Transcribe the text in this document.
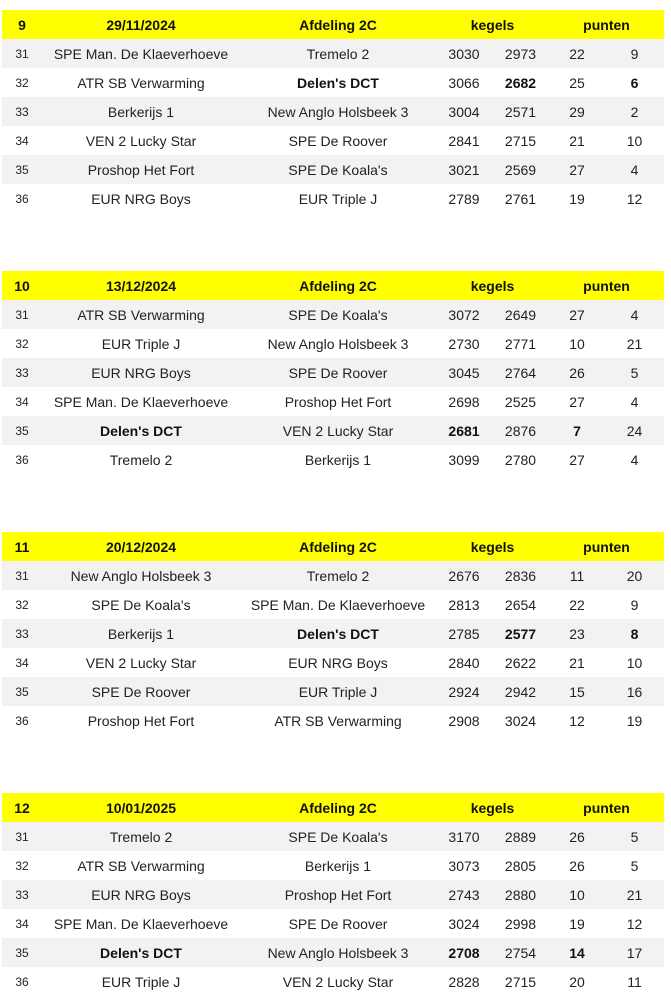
9	29/11/2024	Afdeling 2C	kegels		punten	
31	SPE Man. De Klaeverhoeve	Tremelo 2	3030	2973	22	9
32	ATR SB Verwarming	Delen's DCT	3066	2682	25	6
33	Berkerijs 1	New Anglo Holsbeek 3	3004	2571	29	2
34	VEN 2 Lucky Star	SPE De Roover	2841	2715	21	10
35	Proshop Het Fort	SPE De Koala's	3021	2569	27	4
36	EUR NRG Boys	EUR Triple J	2789	2761	19	12
10	13/12/2024	Afdeling 2C	kegels		punten	
31	ATR SB Verwarming	SPE De Koala's	3072	2649	27	4
32	EUR Triple J	New Anglo Holsbeek 3	2730	2771	10	21
33	EUR NRG Boys	SPE De Roover	3045	2764	26	5
34	SPE Man. De Klaeverhoeve	Proshop Het Fort	2698	2525	27	4
35	Delen's DCT	VEN 2 Lucky Star	2681	2876	7	24
36	Tremelo 2	Berkerijs 1	3099	2780	27	4
11	20/12/2024	Afdeling 2C	kegels		punten	
31	New Anglo Holsbeek 3	Tremelo 2	2676	2836	11	20
32	SPE De Koala's	SPE Man. De Klaeverhoeve	2813	2654	22	9
33	Berkerijs 1	Delen's DCT	2785	2577	23	8
34	VEN 2 Lucky Star	EUR NRG Boys	2840	2622	21	10
35	SPE De Roover	EUR Triple J	2924	2942	15	16
36	Proshop Het Fort	ATR SB Verwarming	2908	3024	12	19
12	10/01/2025	Afdeling 2C	kegels		punten	
31	Tremelo 2	SPE De Koala's	3170	2889	26	5
32	ATR SB Verwarming	Berkerijs 1	3073	2805	26	5
33	EUR NRG Boys	Proshop Het Fort	2743	2880	10	21
34	SPE Man. De Klaeverhoeve	SPE De Roover	3024	2998	19	12
35	Delen's DCT	New Anglo Holsbeek 3	2708	2754	14	17
36	EUR Triple J	VEN 2 Lucky Star	2828	2715	20	11
